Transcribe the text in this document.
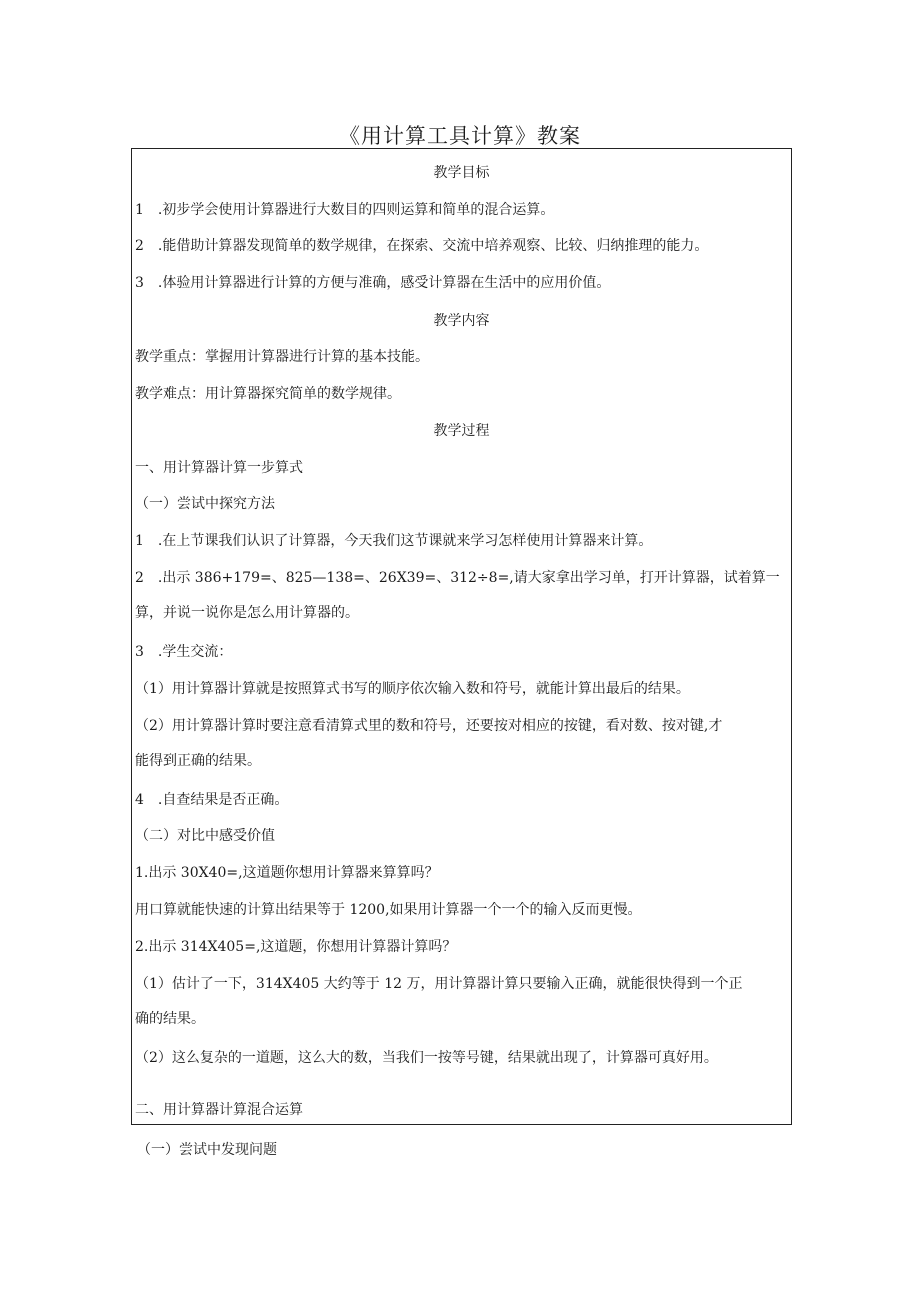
《用计算工具计算》教案
教学目标
1　.初步学会使用计算器进行大数目的四则运算和简单的混合运算。
2　.能借助计算器发现简单的数学规律，在探索、交流中培养观察、比较、归纳推理的能力。
3　.体验用计算器进行计算的方便与准确，感受计算器在生活中的应用价值。
教学内容
教学重点：掌握用计算器进行计算的基本技能。
教学难点：用计算器探究简单的数学规律。
教学过程
一、用计算器计算一步算式
（一）尝试中探究方法
1　.在上节课我们认识了计算器，今天我们这节课就来学习怎样使用计算器来计算。
2　.出示 386+179=、825—138=、26X39=、312÷8=,请大家拿出学习单，打开计算器，试着算一
算，并说一说你是怎么用计算器的。
3　.学生交流：
（1）用计算器计算就是按照算式书写的顺序依次输入数和符号，就能计算出最后的结果。
（2）用计算器计算时要注意看清算式里的数和符号，还要按对相应的按键，看对数、按对键,才
能得到正确的结果。
4　.自查结果是否正确。
（二）对比中感受价值
1.出示 30X40=,这道题你想用计算器来算算吗？
用口算就能快速的计算出结果等于 1200,如果用计算器一个一个的输入反而更慢。
2.出示 314X405=,这道题，你想用计算器计算吗？
（1）估计了一下，314X405 大约等于 12 万，用计算器计算只要输入正确，就能很快得到一个正
确的结果。
（2）这么复杂的一道题，这么大的数，当我们一按等号键，结果就出现了，计算器可真好用。
二、用计算器计算混合运算
（一）尝试中发现问题
